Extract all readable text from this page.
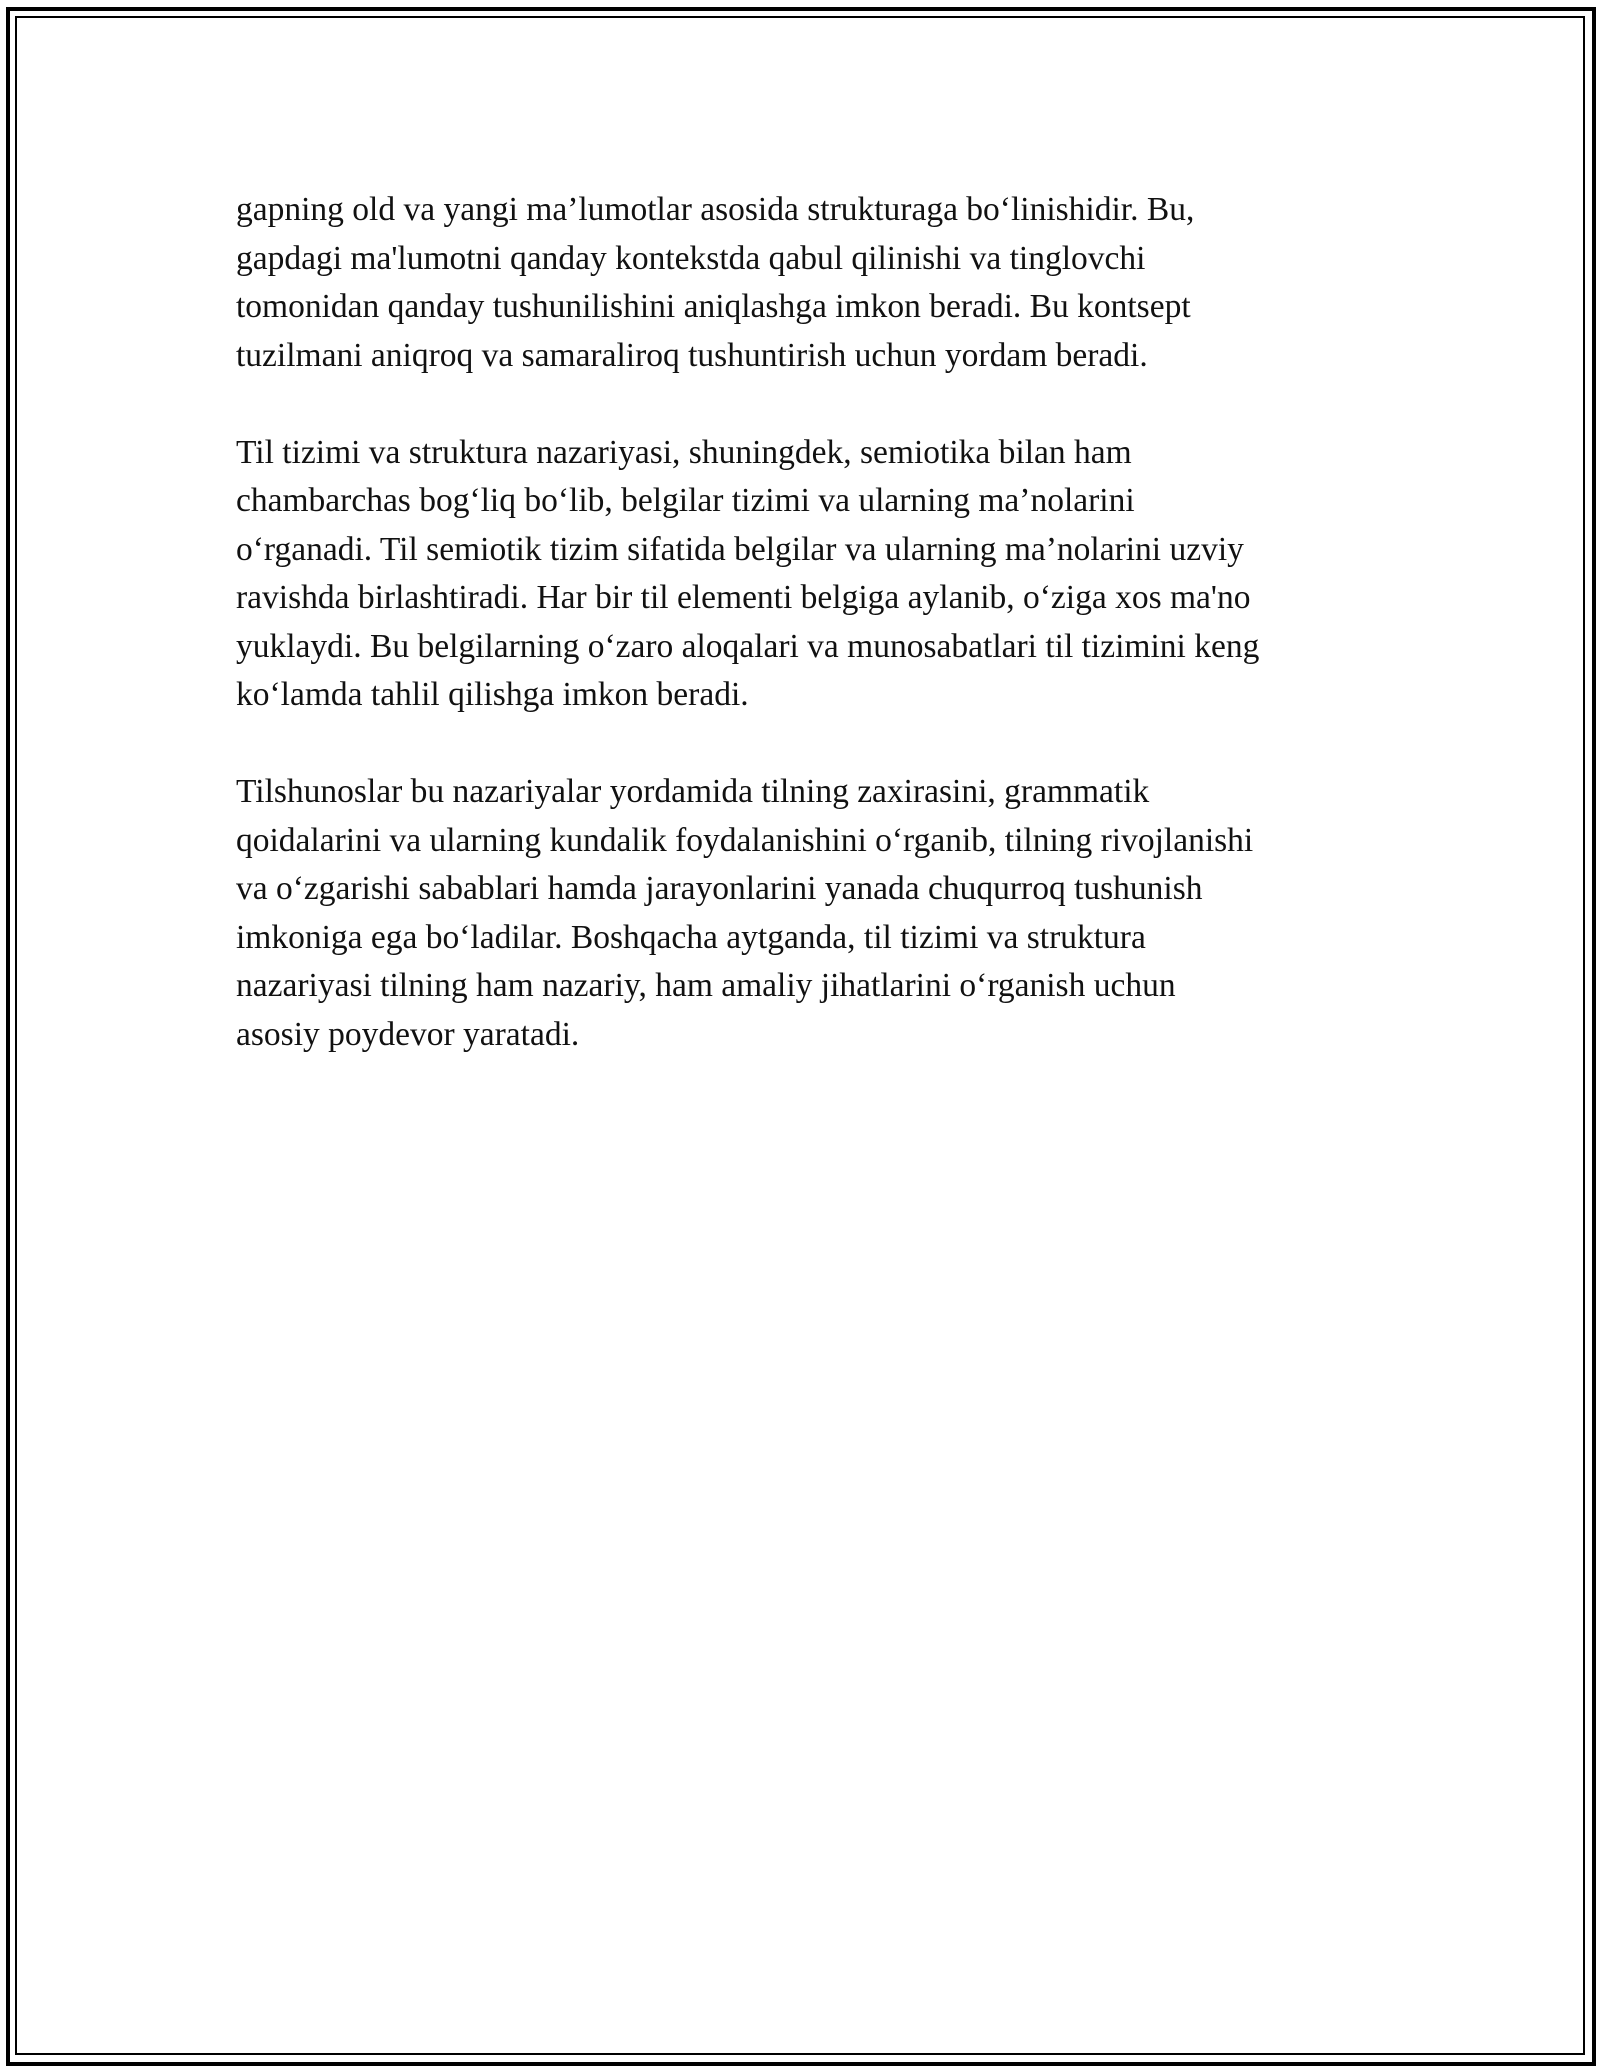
gapning old va yangi ma’lumotlar asosida strukturaga bo‘linishidir. Bu,
gapdagi ma'lumotni qanday kontekstda qabul qilinishi va tinglovchi
tomonidan qanday tushunilishini aniqlashga imkon beradi. Bu kontsept
tuzilmani aniqroq va samaraliroq tushuntirish uchun yordam beradi.

Til tizimi va struktura nazariyasi, shuningdek, semiotika bilan ham
chambarchas bog‘liq bo‘lib, belgilar tizimi va ularning ma’nolarini
o‘rganadi. Til semiotik tizim sifatida belgilar va ularning ma’nolarini uzviy
ravishda birlashtiradi. Har bir til elementi belgiga aylanib, o‘ziga xos ma'no
yuklaydi. Bu belgilarning o‘zaro aloqalari va munosabatlari til tizimini keng
ko‘lamda tahlil qilishga imkon beradi.

Tilshunoslar bu nazariyalar yordamida tilning zaxirasini, grammatik
qoidalarini va ularning kundalik foydalanishini o‘rganib, tilning rivojlanishi
va o‘zgarishi sabablari hamda jarayonlarini yanada chuqurroq tushunish
imkoniga ega bo‘ladilar. Boshqacha aytganda, til tizimi va struktura
nazariyasi tilning ham nazariy, ham amaliy jihatlarini o‘rganish uchun
asosiy poydevor yaratadi.
